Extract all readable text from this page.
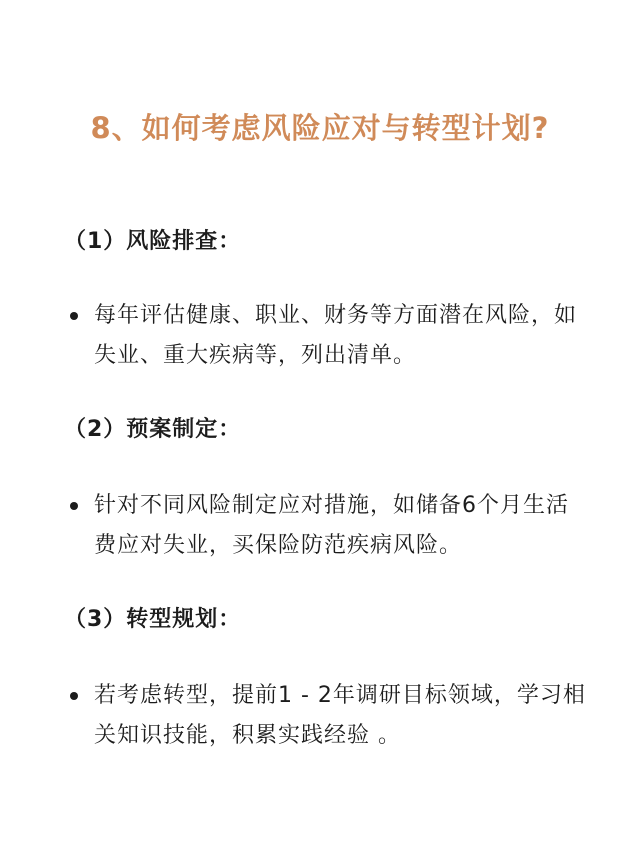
8、如何考虑风险应对与转型计划?
（1）风险排查：
每年评估健康、职业、财务等方面潜在风险，如失业、重大疾病等，列出清单。
（2）预案制定：
针对不同风险制定应对措施，如储备6个月生活费应对失业，买保险防范疾病风险。
（3）转型规划：
若考虑转型，提前1 - 2年调研目标领域，学习相关知识技能，积累实践经验 。
